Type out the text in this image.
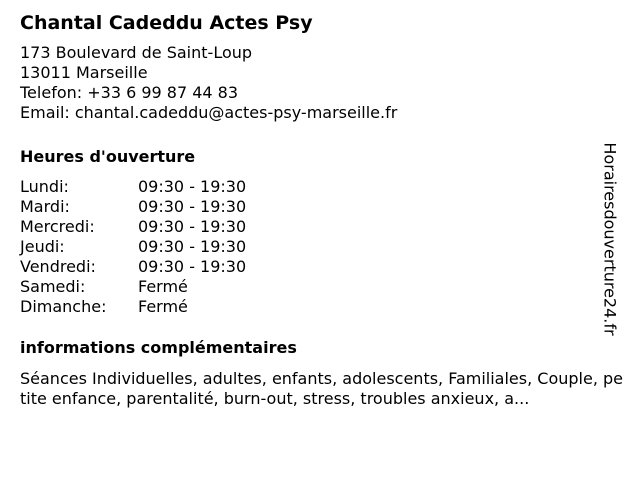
Chantal Cadeddu Actes Psy
173 Boulevard de Saint-Loup
13011 Marseille
Telefon: +33 6 99 87 44 83
Email: chantal.cadeddu@actes-psy-marseille.fr
Heures d'ouverture
Lundi:	09:30 - 19:30
Mardi:	09:30 - 19:30
Mercredi:	09:30 - 19:30
Jeudi:	09:30 - 19:30
Vendredi:	09:30 - 19:30
Samedi:	Fermé
Dimanche:	Fermé
informations complémentaires
Séances Individuelles, adultes, enfants, adolescents, Familiales, Couple, petite enfance, parentalité, burn-out, stress, troubles anxieux, a...
Horairesdouverture24.fr
